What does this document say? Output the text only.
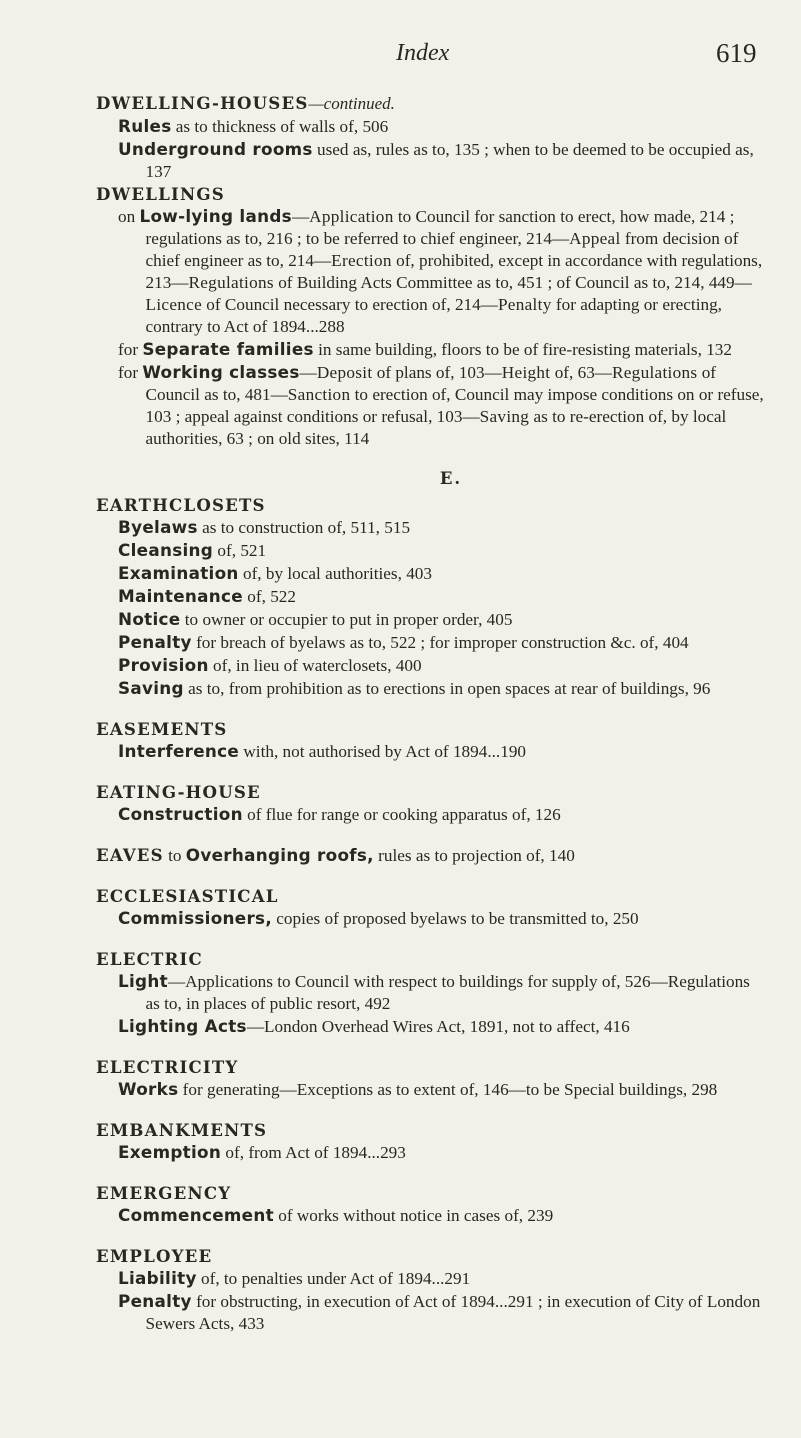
Index	619
DWELLING-HOUSES—continued.
Rules as to thickness of walls of, 506
Underground rooms used as, rules as to, 135 ; when to be deemed to be occupied as, 137
DWELLINGS
on Low-lying lands—Application to Council for sanction to erect, how made, 214 ; regulations as to, 216 ; to be referred to chief engineer, 214—Appeal from decision of chief engineer as to, 214—Erection of, prohibited, except in accordance with regulations, 213—Regulations of Building Acts Committee as to, 451 ; of Council as to, 214, 449—Licence of Council necessary to erection of, 214—Penalty for adapting or erecting, contrary to Act of 1894...288
for Separate families in same building, floors to be of fire-resisting materials, 132
for Working classes—Deposit of plans of, 103—Height of, 63—Regulations of Council as to, 481—Sanction to erection of, Council may impose conditions on or refuse, 103 ; appeal against conditions or refusal, 103—Saving as to re-erection of, by local authorities, 63 ; on old sites, 114
E.
EARTHCLOSETS
Byelaws as to construction of, 511, 515
Cleansing of, 521
Examination of, by local authorities, 403
Maintenance of, 522
Notice to owner or occupier to put in proper order, 405
Penalty for breach of byelaws as to, 522 ; for improper construction &c. of, 404
Provision of, in lieu of waterclosets, 400
Saving as to, from prohibition as to erections in open spaces at rear of buildings, 96
EASEMENTS
Interference with, not authorised by Act of 1894...190
EATING-HOUSE
Construction of flue for range or cooking apparatus of, 126
EAVES to Overhanging roofs, rules as to projection of, 140
ECCLESIASTICAL
Commissioners, copies of proposed byelaws to be transmitted to, 250
ELECTRIC
Light—Applications to Council with respect to buildings for supply of, 526—Regulations as to, in places of public resort, 492
Lighting Acts—London Overhead Wires Act, 1891, not to affect, 416
ELECTRICITY
Works for generating—Exceptions as to extent of, 146—to be Special buildings, 298
EMBANKMENTS
Exemption of, from Act of 1894...293
EMERGENCY
Commencement of works without notice in cases of, 239
EMPLOYEE
Liability of, to penalties under Act of 1894...291
Penalty for obstructing, in execution of Act of 1894...291 ; in execution of City of London Sewers Acts, 433
